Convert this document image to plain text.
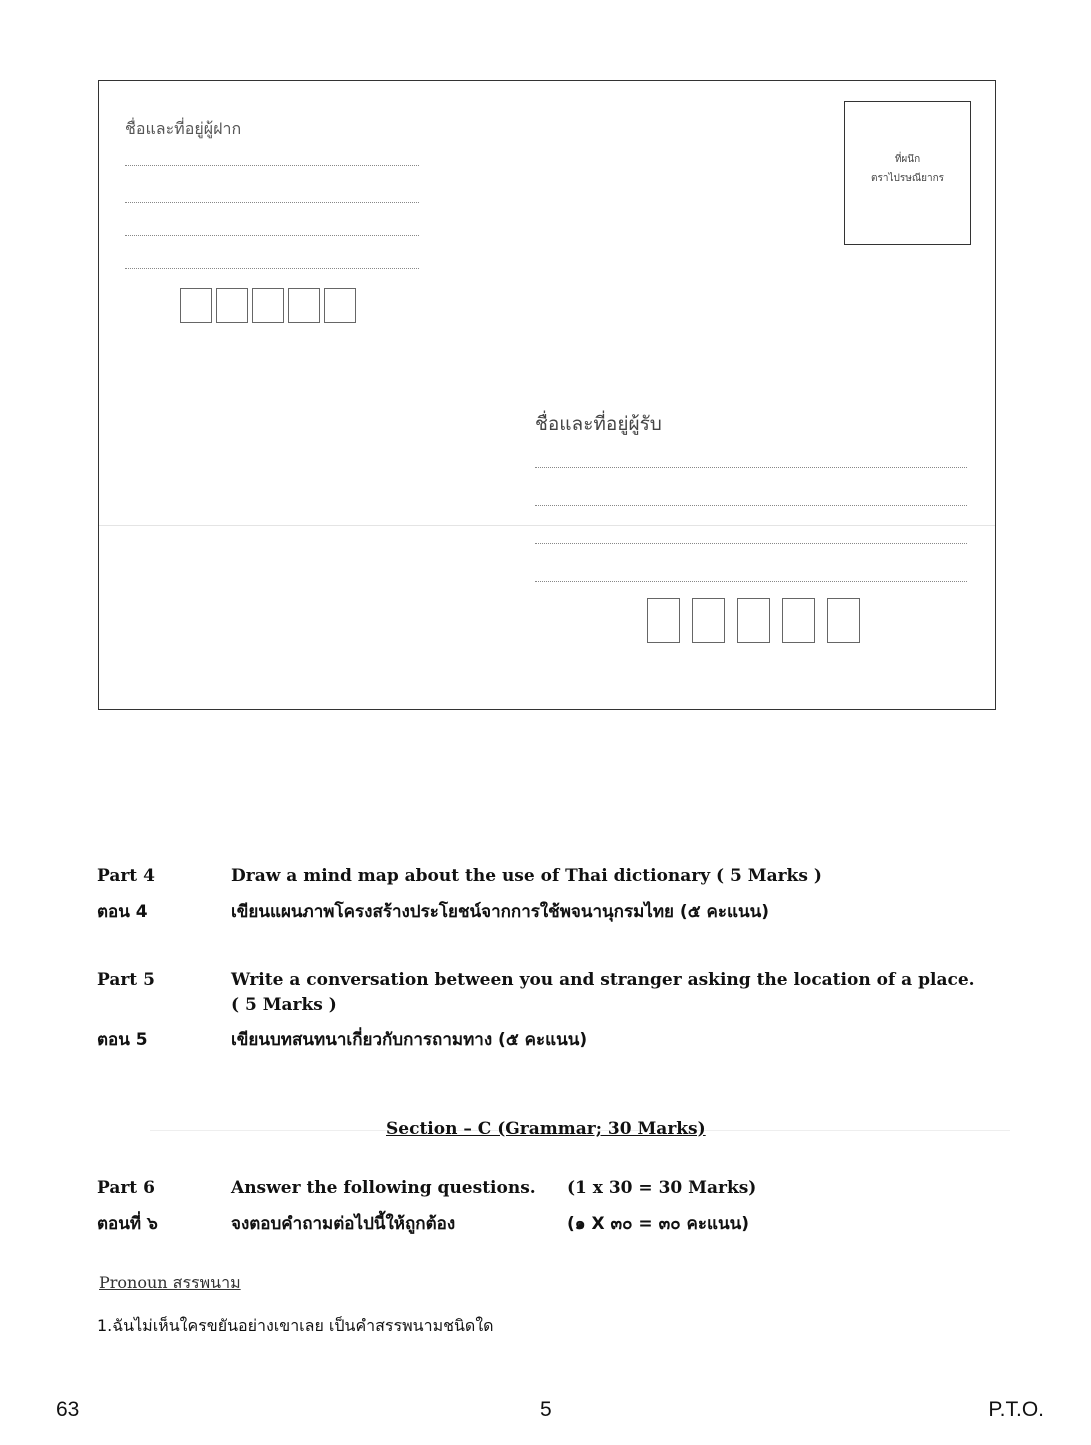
ชื่อและที่อยู่ผู้ฝาก
ที่ผนึก
ตราไปรษณียากร
ชื่อและที่อยู่ผู้รับ
Part 4	Draw a mind map about the use of Thai dictionary ( 5 Marks )
ตอน 4	เขียนแผนภาพโครงสร้างประโยชน์จากการใช้พจนานุกรมไทย (๕ คะแนน)
Part 5	Write a conversation between you and stranger asking the location of a place.
( 5 Marks )
ตอน 5	เขียนบทสนทนาเกี่ยวกับการถามทาง (๕ คะแนน)
Section – C (Grammar; 30 Marks)
Part 6	Answer the following questions. (1 x 30 = 30 Marks)
ตอนที่ ๖	จงตอบคำถามต่อไปนี้ให้ถูกต้อง	(๑ X ๓๐ = ๓๐ คะแนน)
Pronoun สรรพนาม
1.ฉันไม่เห็นใครขยันอย่างเขาเลย เป็นคำสรรพนามชนิดใด
63	5	P.T.O.
